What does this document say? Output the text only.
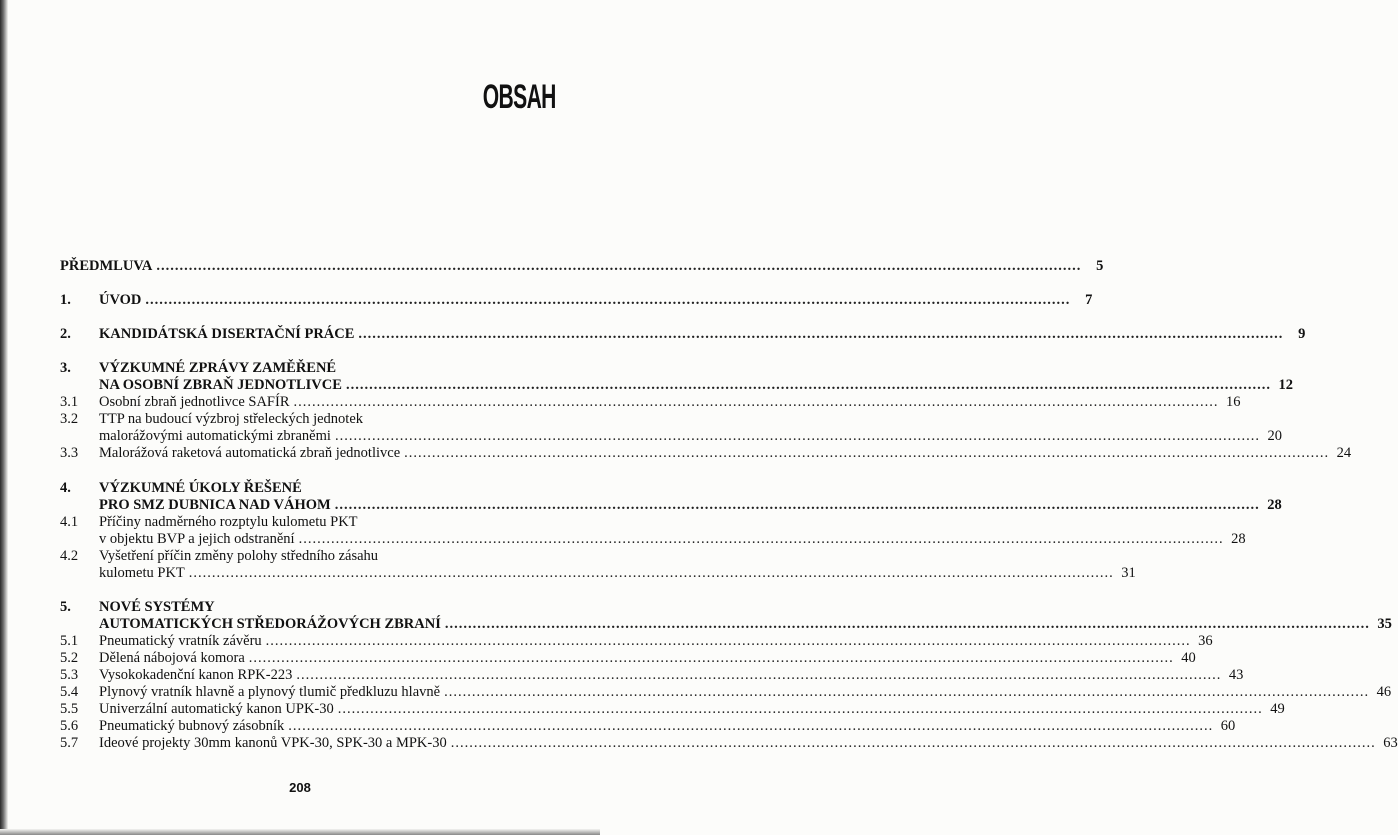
OBSAH
PŘEDMLUVA ........................................................................................................................................................................................................	5
1. ÚVOD ........................................................................................................................................................................................................	7
2. KANDIDÁTSKÁ DISERTAČNÍ PRÁCE ........................................................................................................................................................................................................	9
3. VÝZKUMNÉ ZPRÁVY ZAMĚŘENÉ
NA OSOBNÍ ZBRAŇ JEDNOTLIVCE ........................................................................................................................................................................................................ 12
3.1 Osobní zbraň jednotlivce SAFÍR ........................................................................................................................................................................................................ 16
3.2 TTP na budoucí výzbroj střeleckých jednotek
malorážovými automatickými zbraněmi ........................................................................................................................................................................................................ 20
3.3 Malorážová raketová automatická zbraň jednotlivce ........................................................................................................................................................................................................ 24
4. VÝZKUMNÉ ÚKOLY ŘEŠENÉ
PRO SMZ DUBNICA NAD VÁHOM ........................................................................................................................................................................................................ 28
4.1 Příčiny nadměrného rozptylu kulometu PKT
v objektu BVP a jejich odstranění ........................................................................................................................................................................................................ 28
4.2 Vyšetření příčin změny polohy středního zásahu
kulometu PKT ........................................................................................................................................................................................................ 31
5. NOVÉ SYSTÉMY
AUTOMATICKÝCH STŘEDORÁŽOVÝCH ZBRANÍ ........................................................................................................................................................................................................ 35
5.1 Pneumatický vratník závěru ........................................................................................................................................................................................................ 36
5.2 Dělená nábojová komora ........................................................................................................................................................................................................ 40
5.3 Vysokokadenční kanon RPK-223 ........................................................................................................................................................................................................ 43
5.4 Plynový vratník hlavně a plynový tlumič předkluzu hlavně ........................................................................................................................................................................................................ 46
5.5 Univerzální automatický kanon UPK-30 ........................................................................................................................................................................................................ 49
5.6 Pneumatický bubnový zásobník ........................................................................................................................................................................................................ 60
5.7 Ideové projekty 30mm kanonů VPK-30, SPK-30 a MPK-30 ........................................................................................................................................................................................................ 63
208
